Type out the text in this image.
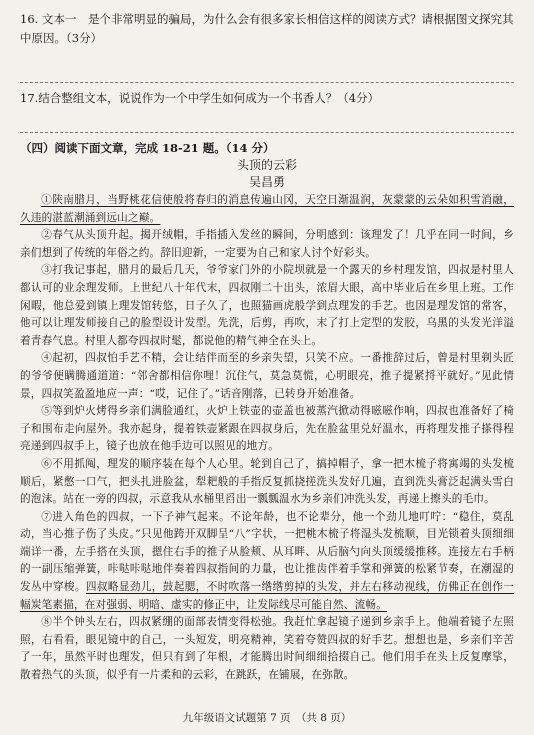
16. 文本一　是个非常明显的骗局，为什么会有很多家长相信这样的阅读方式？请根据图文探究其中原因。（3分）

17.结合整组文本，说说作为一个中学生如何成为一个书香人？（4分）

（四）阅读下面文章，完成 18-21 题。（14 分）

头顶的云彩

吴昌勇

①陕南腊月，当野桃花信使般将春归的消息传遍山冈，天空日渐温润，灰蒙蒙的云朵如积雪消融，久违的湛蓝潮涌到远山之巅。

②春气从头顶升起。揭开绒帽，手指插入发丝的瞬间，分明感到：该理发了！几乎在同一时间，乡亲们想到了传统的年俗之约。辞旧迎新，一定要为自己和家人讨个好彩头。

③打我记事起，腊月的最后几天，爷爷家门外的小院坝就是一个露天的乡村理发馆，四叔是村里人都认可的业余理发师。上世纪八十年代末，四叔刚二十出头，浓眉大眼，高中毕业后在乡里上班。工作闲暇，他总爱到镇上理发馆转悠，日子久了，也照猫画虎般学到点理发的手艺。也因是理发馆的常客，他可以让理发师接自己的脸型设计发型。先洗，后剪，再吹，末了打上定型的发胶，乌黑的头发光洋溢着青春气息。村里人都夸四叔时髦，都说他的精气神全在头上。

④起初，四叔怕手艺不精，会让结伴而至的乡亲失望，只笑不应。一番推辞过后，曾是村里剃头匠的爷爷便瞒腾通道道：“邻舍都相信你哩！沉住气，莫急莫慌，心明眼亮，推子提紧捋平就好。”见此情景，四叔笑盈盈地应一声：“哎，记住了。”话音刚落，已转身开始准备。

⑤等到炉火烤得乡亲们满脸通红，火炉上铁壶的壶盖也被蒸汽掀动得嗞嗞作响，四叔也准备好了椅子和围布走向屋外。我亦起身，提着铁壶紧跟在四叔身后，先在脸盆里兑好温水，再将理发推子搽得程亮递到四叔手上，镜子也放在他手边可以照见的地方。

⑥不用抓阄，理发的顺序装在每个人心里。轮到自己了，搞掉帽子，拿一把木梳子将寓竭的头发梳顺后，紧憋一口气，把头扎进脸盆，犁耙般的手指反复抓挠搓洗头发好几遍，直到洗头膏泛起满头雪白的泡沫。站在一旁的四叔，示意我从水桶里舀出一瓢瓢温水为乡亲们冲洗头发，再递上擦头的毛巾。

⑦进入角色的四叔，一下子神气起来。不论年龄，也不论辈分，他一个劲儿地叮咛：“稳住，莫乱动，当心推子伤了头皮。”只见他跨开双脚呈“八”字状，一把桃木梳子将湿头发梳顺，目光锁着头顶细细端详一番，左手搭在头顶，摁住右手的推子从脸颊、从耳畔、从后脑勺向头顶缓缓推移。连接左右手柄的一副压缩弹簧，咔哒咔哒地伴奏着四叔指间的力量，也让推齿伴着手掌和弹簧的松紧节奏，在潮湿的发丛中穿梭。四叔略显劲儿，鼓起腮，不时吹落一绺绺剪掉的头发，并左右移动视线，仿佛正在创作一幅炭笔素描，在对强弱、明暗、虚实的修正中，让发际线尽可能自然、流畅。

⑧半个钟头左右，四叔紧绷的面部表情变得松弛。我赶忙拿起镜子递到乡亲手上。他端着镜子左照照，右看看，眼见镜中的自己，一头短发，明亮精神，笑着夸赞四叔的好手艺。想想也是，乡亲们辛苦了一年，虽然平时也理发，但只有到了年根，才能腾出时间细细拾掇自己。他们用手在头上反复摩挲，散着热气的头顶，似乎有一片柔和的云彩，在跳跃，在铺展，在弥散。

九年级语文试题第 7 页　（共 8 页）
